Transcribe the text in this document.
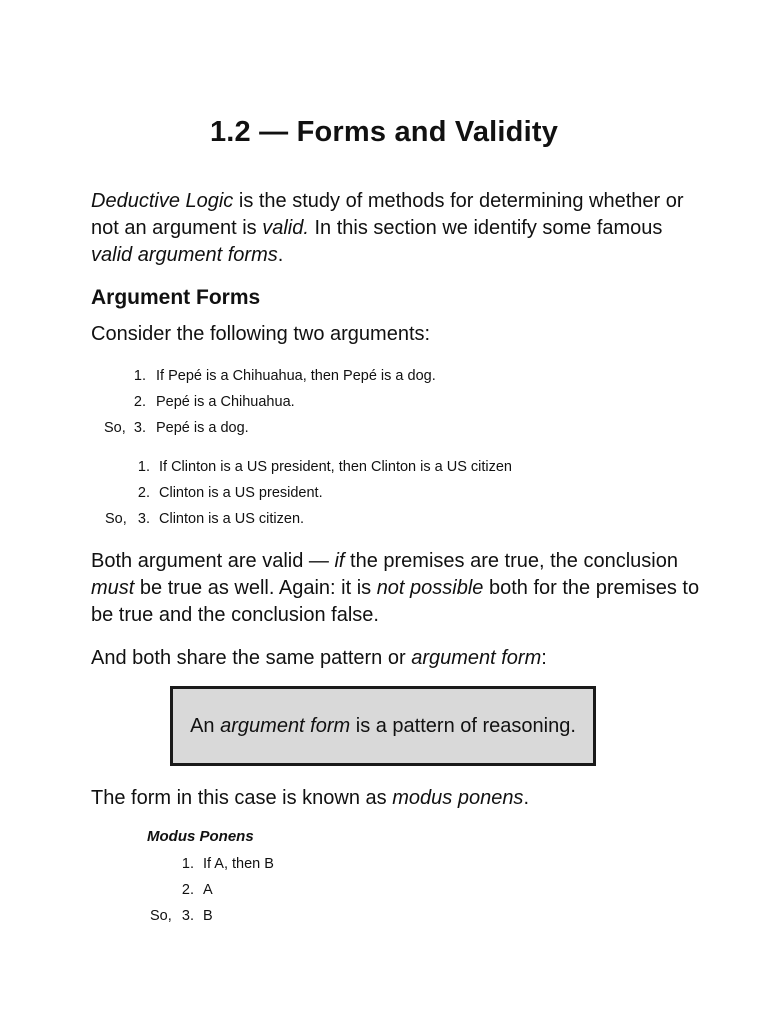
1.2 — Forms and Validity
Deductive Logic is the study of methods for determining whether or not an argument is valid. In this section we identify some famous valid argument forms.
Argument Forms
Consider the following two arguments:
1. If Pepé is a Chihuahua, then Pepé is a dog.
2. Pepé is a Chihuahua.
So, 3. Pepé is a dog.
1. If Clinton is a US president, then Clinton is a US citizen
2. Clinton is a US president.
So, 3. Clinton is a US citizen.
Both argument are valid — if the premises are true, the conclusion must be true as well. Again: it is not possible both for the premises to be true and the conclusion false.
And both share the same pattern or argument form:
An argument form is a pattern of reasoning.
The form in this case is known as modus ponens.
Modus Ponens
1. If A, then B
2. A
So, 3. B
